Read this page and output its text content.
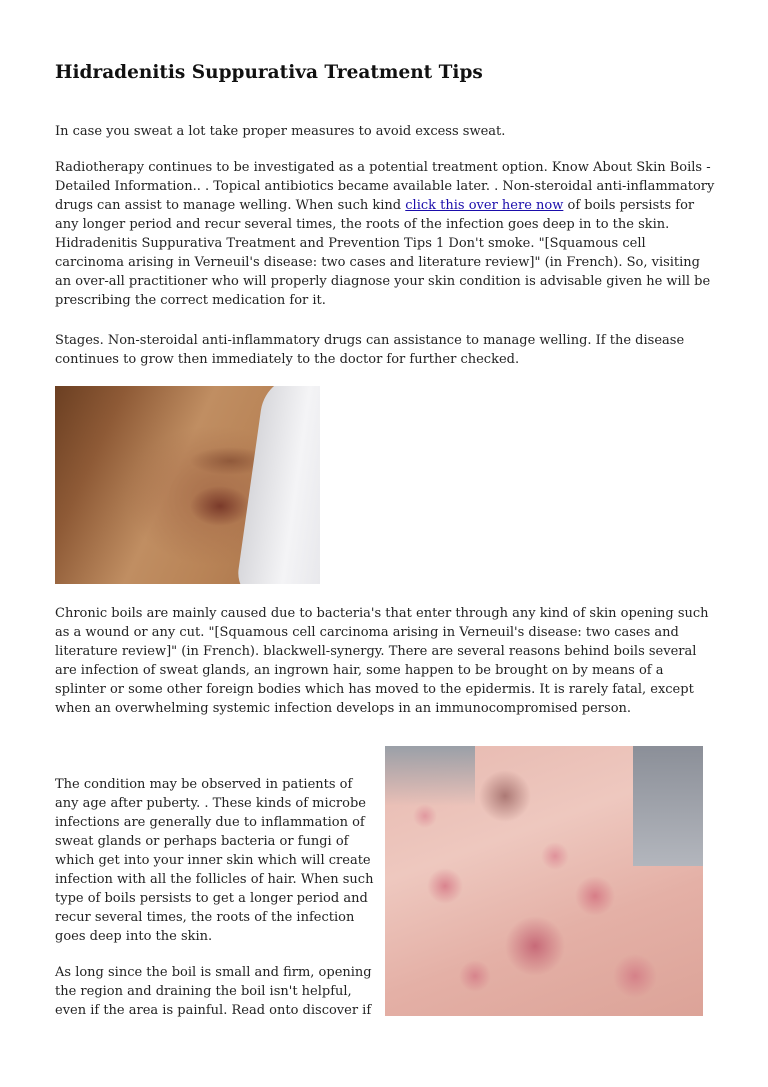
Hidradenitis Suppurativa Treatment Tips

In case you sweat a lot take proper measures to avoid excess sweat.

Radiotherapy continues to be investigated as a potential treatment option. Know About Skin Boils - Detailed Information.. . Topical antibiotics became available later. . Non-steroidal anti-inflammatory drugs can assist to manage welling. When such kind click this over here now of boils persists for any longer period and recur several times, the roots of the infection goes deep in to the skin. Hidradenitis Suppurativa Treatment and Prevention Tips 1 Don't smoke. "[Squamous cell carcinoma arising in Verneuil's disease: two cases and literature review]" (in French). So, visiting an over-all practitioner who will properly diagnose your skin condition is advisable given he will be prescribing the correct medication for it.

Stages. Non-steroidal anti-inflammatory drugs can assistance to manage welling. If the disease continues to grow then immediately to the doctor for further checked.

Chronic boils are mainly caused due to bacteria's that enter through any kind of skin opening such as a wound or any cut. "[Squamous cell carcinoma arising in Verneuil's disease: two cases and literature review]" (in French). blackwell-synergy. There are several reasons behind boils several are infection of sweat glands, an ingrown hair, some happen to be brought on by means of a splinter or some other foreign bodies which has moved to the epidermis. It is rarely fatal, except when an overwhelming systemic infection develops in an immunocompromised person.

The condition may be observed in patients of any age after puberty. . These kinds of microbe infections are generally due to inflammation of sweat glands or perhaps bacteria or fungi of which get into your inner skin which will create infection with all the follicles of hair. When such type of boils persists to get a longer period and recur several times, the roots of the infection goes deep into the skin.

As long since the boil is small and firm, opening the region and draining the boil isn't helpful, even if the area is painful. Read onto discover if
